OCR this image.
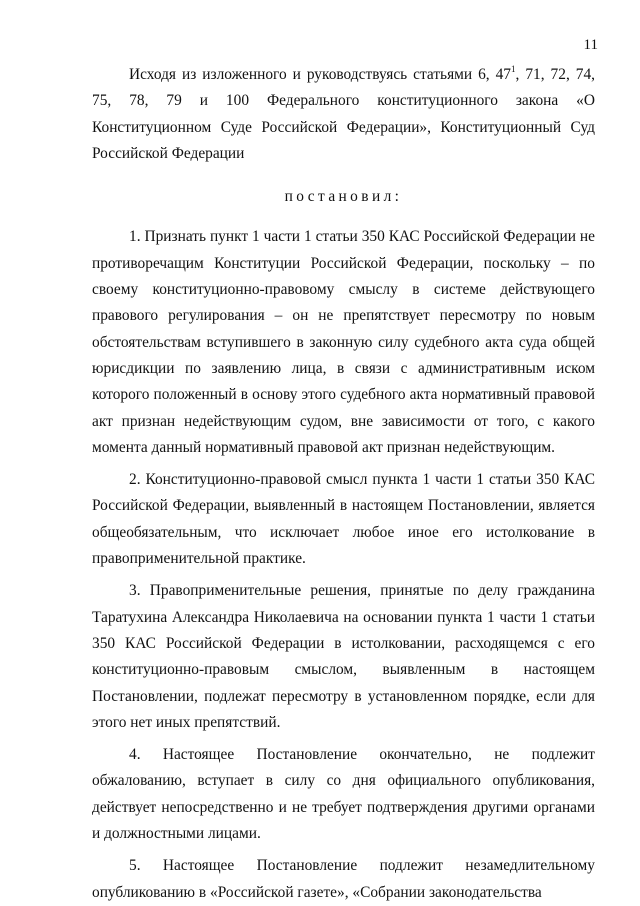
11

Исходя из изложенного и руководствуясь статьями 6, $47^1$, 71, 72, 74, 75, 78, 79 и 100 Федерального конституционного закона «О Конституционном Суде Российской Федерации», Конституционный Суд Российской Федерации

постановил:

1. Признать пункт 1 части 1 статьи 350 КАС Российской Федерации не противоречащим Конституции Российской Федерации, поскольку – по своему конституционно-правовому смыслу в системе действующего правового регулирования – он не препятствует пересмотру по новым обстоятельствам вступившего в законную силу судебного акта суда общей юрисдикции по заявлению лица, в связи с административным иском которого положенный в основу этого судебного акта нормативный правовой акт признан недействующим судом, вне зависимости от того, с какого момента данный нормативный правовой акт признан недействующим.

2. Конституционно-правовой смысл пункта 1 части 1 статьи 350 КАС Российской Федерации, выявленный в настоящем Постановлении, является общеобязательным, что исключает любое иное его истолкование в правоприменительной практике.

3. Правоприменительные решения, принятые по делу гражданина Таратухина Александра Николаевича на основании пункта 1 части 1 статьи 350 КАС Российской Федерации в истолковании, расходящемся с его конституционно-правовым смыслом, выявленным в настоящем Постановлении, подлежат пересмотру в установленном порядке, если для этого нет иных препятствий.

4. Настоящее Постановление окончательно, не подлежит обжалованию, вступает в силу со дня официального опубликования, действует непосредственно и не требует подтверждения другими органами и должностными лицами.

5. Настоящее Постановление подлежит незамедлительному опубликованию в «Российской газете», «Собрании законодательства
